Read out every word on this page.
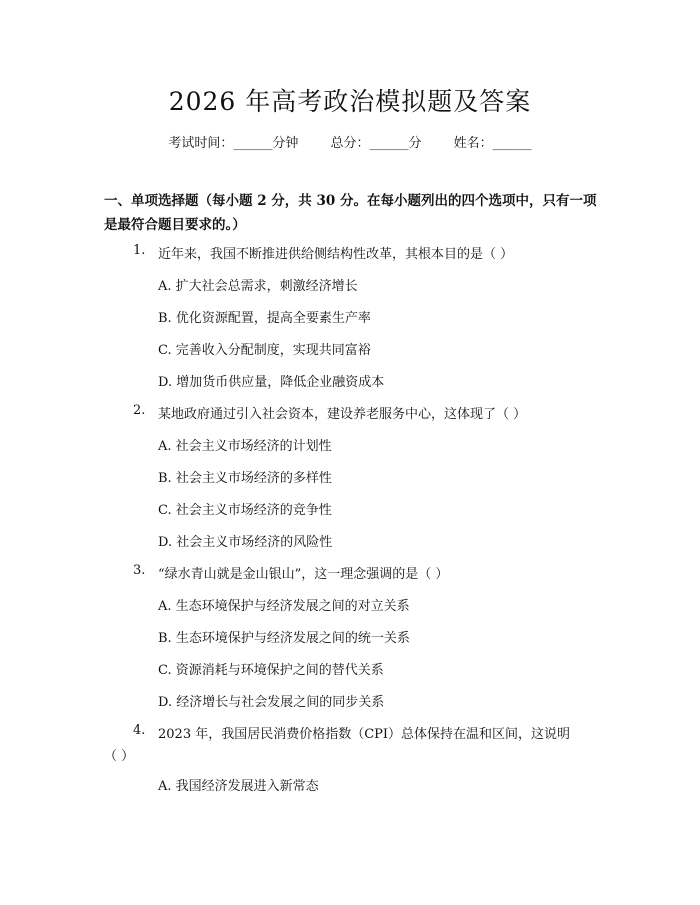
2026 年高考政治模拟题及答案
考试时间：______分钟 总分：______分 姓名：______
一、单项选择题（每小题 2 分，共 30 分。在每小题列出的四个选项中，只有一项是最符合题目要求的。）
1. 近年来，我国不断推进供给侧结构性改革，其根本目的是（ ）
A. 扩大社会总需求，刺激经济增长
B. 优化资源配置，提高全要素生产率
C. 完善收入分配制度，实现共同富裕
D. 增加货币供应量，降低企业融资成本
2. 某地政府通过引入社会资本，建设养老服务中心，这体现了（ ）
A. 社会主义市场经济的计划性
B. 社会主义市场经济的多样性
C. 社会主义市场经济的竞争性
D. 社会主义市场经济的风险性
3. “绿水青山就是金山银山”，这一理念强调的是（ ）
A. 生态环境保护与经济发展之间的对立关系
B. 生态环境保护与经济发展之间的统一关系
C. 资源消耗与环境保护之间的替代关系
D. 经济增长与社会发展之间的同步关系
4. 2023 年，我国居民消费价格指数（CPI）总体保持在温和区间，这说明
（ ）
A. 我国经济发展进入新常态
